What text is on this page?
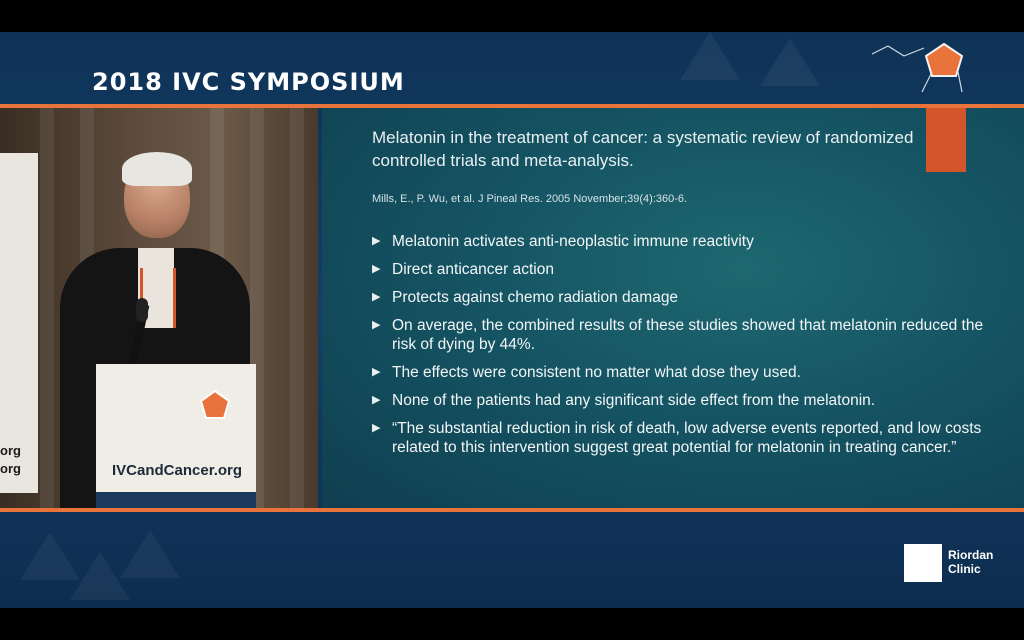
2018 IVC SYMPOSIUM
org
org	IVCandCancer.org
Melatonin in the treatment of cancer: a systematic review of randomized controlled trials and meta-analysis.
Mills, E., P. Wu, et al. J Pineal Res. 2005 November;39(4):360-6.
▶ Melatonin activates anti-neoplastic immune reactivity
▶ Direct anticancer action
▶ Protects against chemo radiation damage
▶ On average, the combined results of these studies showed that melatonin reduced the risk of dying by 44%.
▶ The effects were consistent no matter what dose they used.
▶ None of the patients had any significant side effect from the melatonin.
▶ “The substantial reduction in risk of death, low adverse events reported, and low costs related to this intervention suggest great potential for melatonin in treating cancer.”
Riordan
Clinic
